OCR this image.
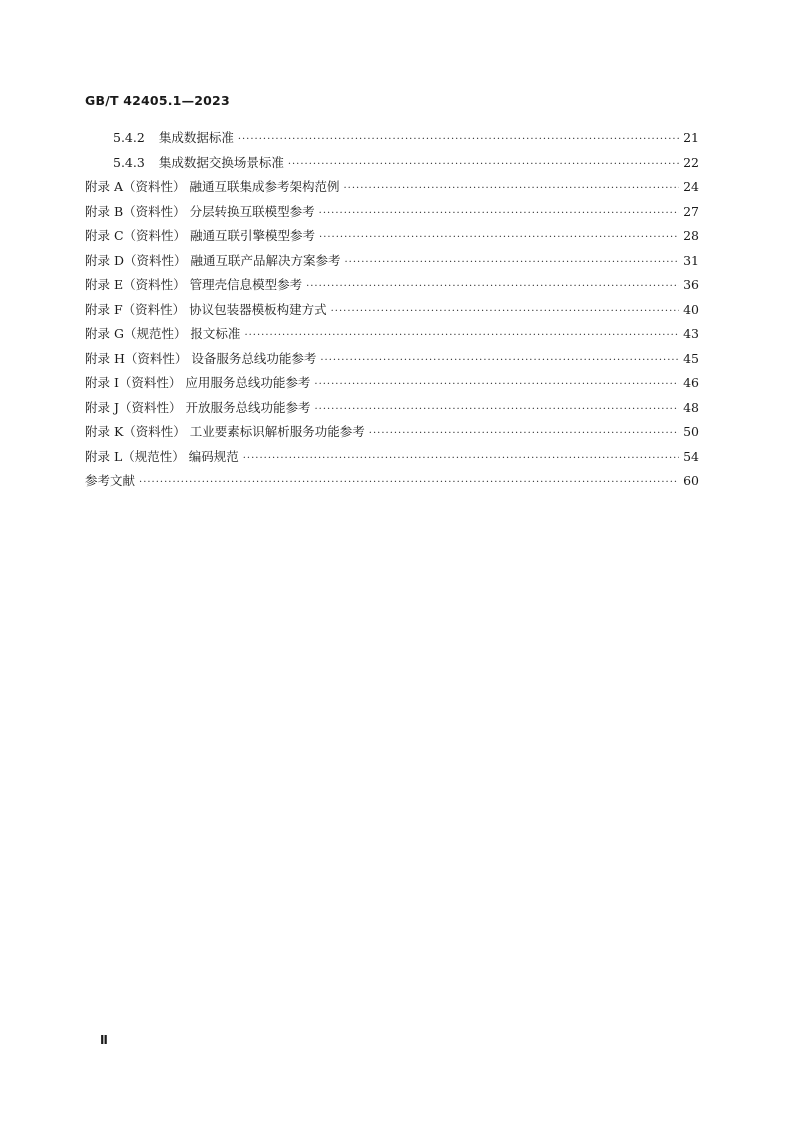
GB/T 42405.1—2023
5.4.2 集成数据标准 ·····	21
5.4.3 集成数据交换场景标准 ·····	22
附录 A（资料性） 融通互联集成参考架构范例 ·····	24
附录 B（资料性） 分层转换互联模型参考 ·····	27
附录 C（资料性） 融通互联引擎模型参考 ·····	28
附录 D（资料性） 融通互联产品解决方案参考 ·····	31
附录 E（资料性） 管理壳信息模型参考 ·····	36
附录 F（资料性） 协议包装器模板构建方式 ·····	40
附录 G（规范性） 报文标准 ·····	43
附录 H（资料性） 设备服务总线功能参考 ·····	45
附录 I（资料性） 应用服务总线功能参考 ·····	46
附录 J（资料性） 开放服务总线功能参考 ·····	48
附录 K（资料性） 工业要素标识解析服务功能参考 ·····	50
附录 L（规范性） 编码规范 ·····	54
参考文献 ·····	60
Ⅱ
